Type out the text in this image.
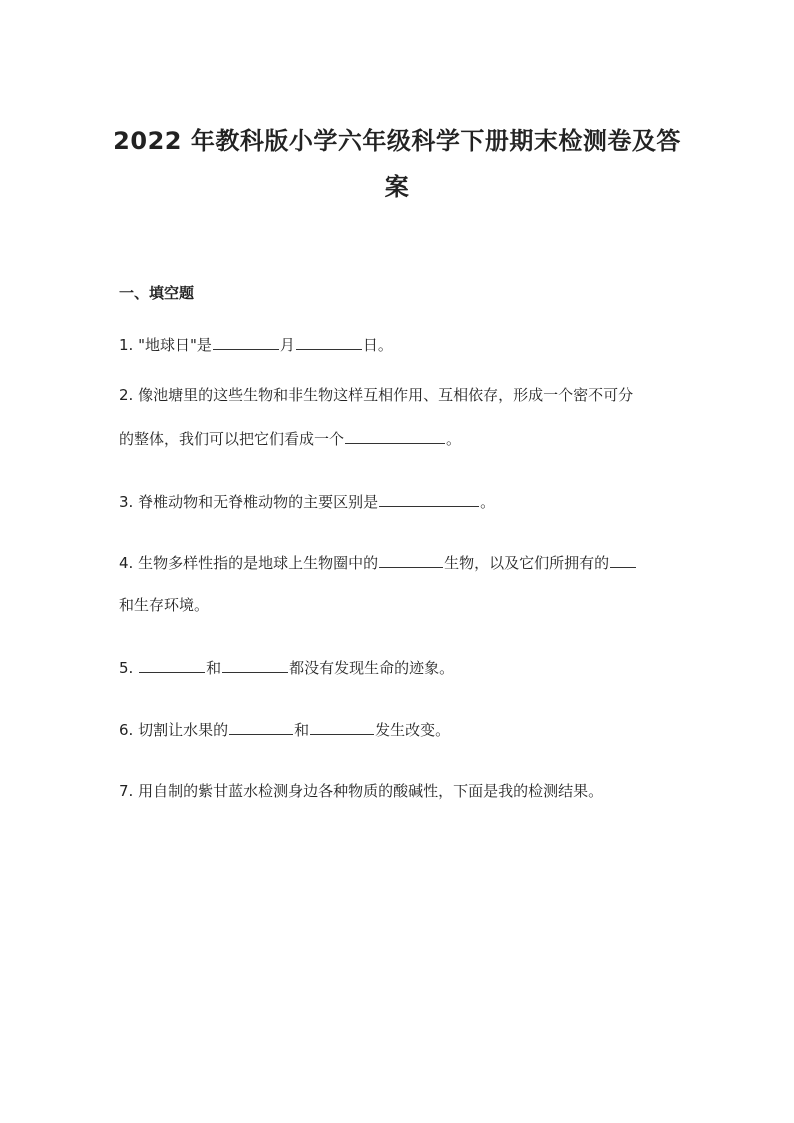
2022 年教科版小学六年级科学下册期末检测卷及答
案
一、填空题
1. "地球日"是	月	日。
2. 像池塘里的这些生物和非生物这样互相作用、互相依存，形成一个密不可分
的整体，我们可以把它们看成一个	。
3. 脊椎动物和无脊椎动物的主要区别是	。
4. 生物多样性指的是地球上生物圈中的	生物，以及它们所拥有的
和生存环境。
5.	和	都没有发现生命的迹象。
6. 切割让水果的	和	发生改变。
7. 用自制的紫甘蓝水检测身边各种物质的酸碱性，下面是我的检测结果。
